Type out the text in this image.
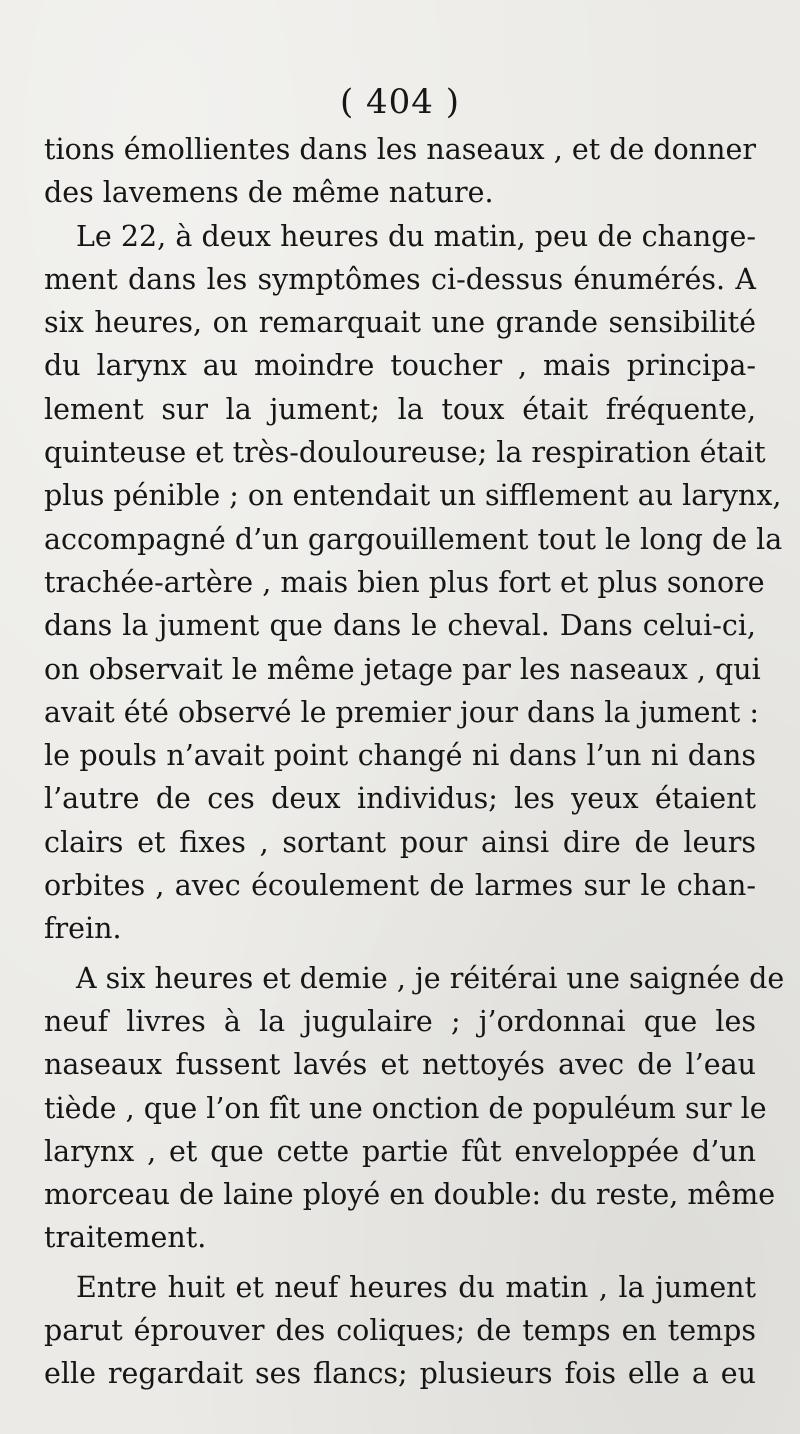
( 404 )
tions émollientes dans les naseaux , et de donner
des lavemens de même nature.
Le 22, à deux heures du matin, peu de change-
ment dans les symptômes ci-dessus énumérés. A
six heures, on remarquait une grande sensibilité
du larynx au moindre toucher , mais principa-
lement sur la jument; la toux était fréquente,
quinteuse et très-douloureuse; la respiration était
plus pénible ; on entendait un sifflement au larynx,
accompagné d’un gargouillement tout le long de la
trachée-artère , mais bien plus fort et plus sonore
dans la jument que dans le cheval. Dans celui-ci,
on observait le même jetage par les naseaux , qui
avait été observé le premier jour dans la jument :
le pouls n’avait point changé ni dans l’un ni dans
l’autre de ces deux individus; les yeux étaient
clairs et fixes , sortant pour ainsi dire de leurs
orbites , avec écoulement de larmes sur le chan-
frein.
A six heures et demie , je réitérai une saignée de
neuf livres à la jugulaire ; j’ordonnai que les
naseaux fussent lavés et nettoyés avec de l’eau
tiède , que l’on fît une onction de populéum sur le
larynx , et que cette partie fût enveloppée d’un
morceau de laine ployé en double: du reste, même
traitement.
Entre huit et neuf heures du matin , la jument
parut éprouver des coliques; de temps en temps
elle regardait ses flancs; plusieurs fois elle a eu
